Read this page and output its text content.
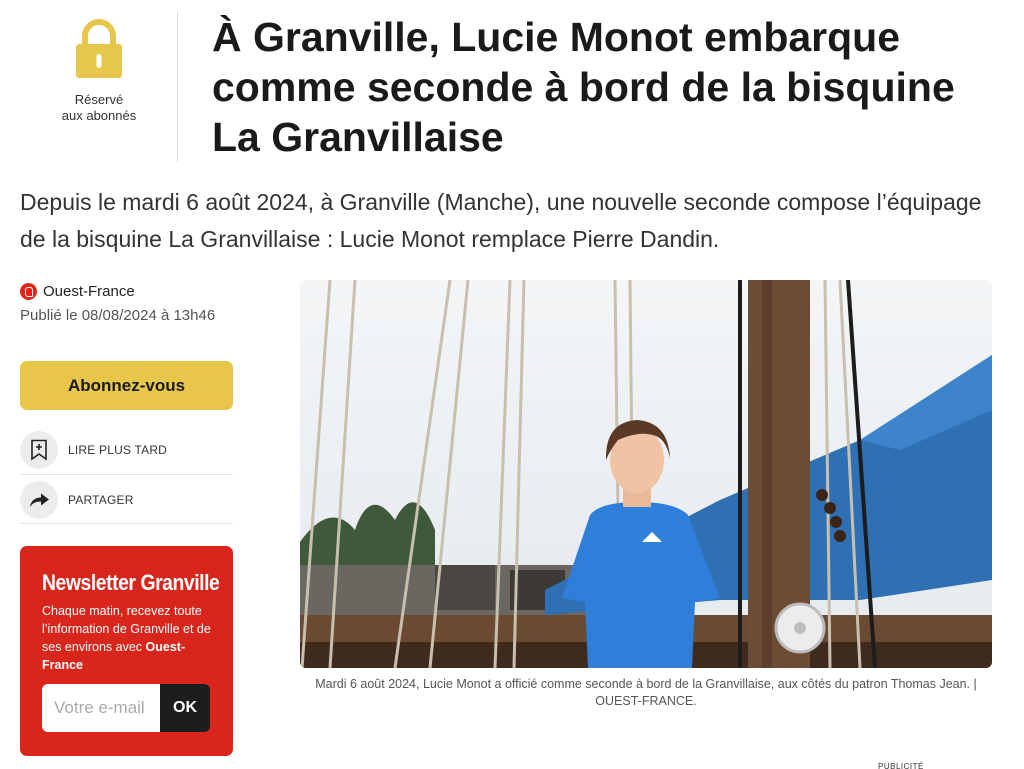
Réservé
aux abonnés
À Granville, Lucie Monot embarque comme seconde à bord de la bisquine La Granvillaise

Depuis le mardi 6 août 2024, à Granville (Manche), une nouvelle seconde compose l’équipage de la bisquine La Granvillaise : Lucie Monot remplace Pierre Dandin.

Ouest-France
Publié le 08/08/2024 à 13h46
Abonnez-vous
LIRE PLUS TARD
PARTAGER
Newsletter Granville
Chaque matin, recevez toute l’information de Granville et de ses environs avec Ouest-France
Votre e-mail
OK
Mardi 6 août 2024, Lucie Monot a officié comme seconde à bord de la Granvillaise, aux côtés du patron Thomas Jean. | OUEST-FRANCE.
PUBLICITÉ
